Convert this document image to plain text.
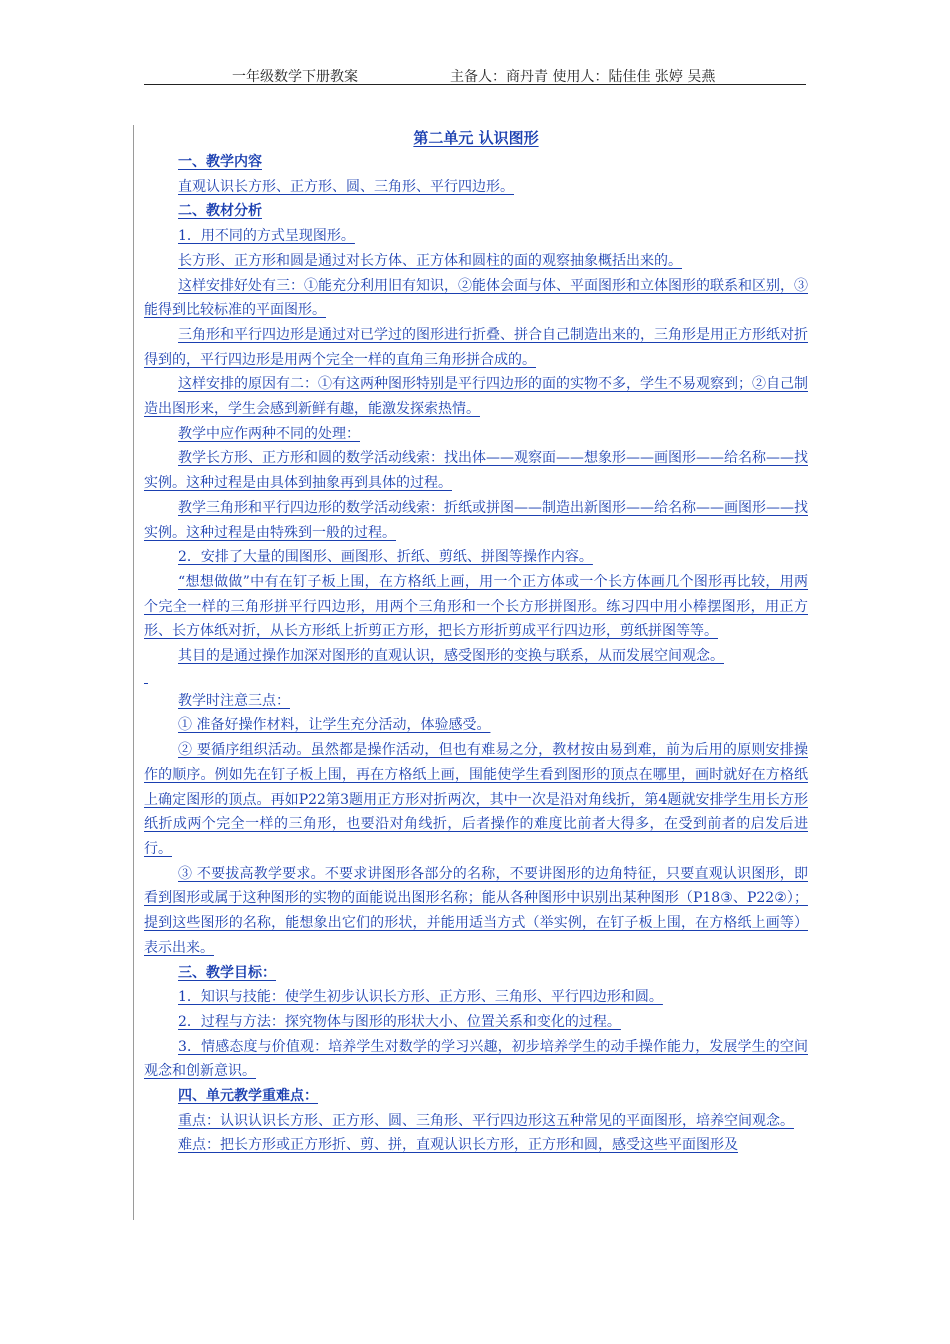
一年级数学下册教案	主备人：商丹青 使用人：陆佳佳 张婷 吴燕
第二单元 认识图形

一、教学内容

直观认识长方形、正方形、圆、三角形、平行四边形。

二、教材分析

1．用不同的方式呈现图形。

长方形、正方形和圆是通过对长方体、正方体和圆柱的面的观察抽象概括出来的。

这样安排好处有三：①能充分利用旧有知识，②能体会面与体、平面图形和立体图形的联系和区别，③能得到比较标准的平面图形。

三角形和平行四边形是通过对已学过的图形进行折叠、拼合自己制造出来的，三角形是用正方形纸对折得到的，平行四边形是用两个完全一样的直角三角形拼合成的。

这样安排的原因有二：①有这两种图形特别是平行四边形的面的实物不多，学生不易观察到；②自己制造出图形来，学生会感到新鲜有趣，能激发探索热情。

教学中应作两种不同的处理：

教学长方形、正方形和圆的数学活动线索：找出体——观察面——想象形——画图形——给名称——找实例。这种过程是由具体到抽象再到具体的过程。

教学三角形和平行四边形的数学活动线索：折纸或拼图——制造出新图形——给名称——画图形——找实例。这种过程是由特殊到一般的过程。

2．安排了大量的围图形、画图形、折纸、剪纸、拼图等操作内容。

“想想做做”中有在钉子板上围，在方格纸上画，用一个正方体或一个长方体画几个图形再比较，用两个完全一样的三角形拼平行四边形，用两个三角形和一个长方形拼图形。练习四中用小棒摆图形，用正方形、长方体纸对折，从长方形纸上折剪正方形，把长方形折剪成平行四边形，剪纸拼图等等。

其目的是通过操作加深对图形的直观认识，感受图形的变换与联系，从而发展空间观念。

教学时注意三点：

① 准备好操作材料，让学生充分活动，体验感受。

② 要循序组织活动。虽然都是操作活动，但也有难易之分，教材按由易到难，前为后用的原则安排操作的顺序。例如先在钉子板上围，再在方格纸上画，围能使学生看到图形的顶点在哪里，画时就好在方格纸上确定图形的顶点。再如P22第3题用正方形对折两次，其中一次是沿对角线折，第4题就安排学生用长方形纸折成两个完全一样的三角形，也要沿对角线折，后者操作的难度比前者大得多，在受到前者的启发后进行。

③ 不要拔高教学要求。不要求讲图形各部分的名称，不要讲图形的边角特征，只要直观认识图形，即看到图形或属于这种图形的实物的面能说出图形名称；能从各种图形中识别出某种图形（P18③、P22②）；提到这些图形的名称，能想象出它们的形状，并能用适当方式（举实例，在钉子板上围，在方格纸上画等）表示出来。

三、教学目标：

1．知识与技能：使学生初步认识长方形、正方形、三角形、平行四边形和圆。

2．过程与方法：探究物体与图形的形状大小、位置关系和变化的过程。

3．情感态度与价值观：培养学生对数学的学习兴趣，初步培养学生的动手操作能力，发展学生的空间观念和创新意识。

四、单元教学重难点：

重点：认识认识长方形、正方形、圆、三角形、平行四边形这五种常见的平面图形，培养空间观念。

难点：把长方形或正方形折、剪、拼，直观认识长方形，正方形和圆，感受这些平面图形及
